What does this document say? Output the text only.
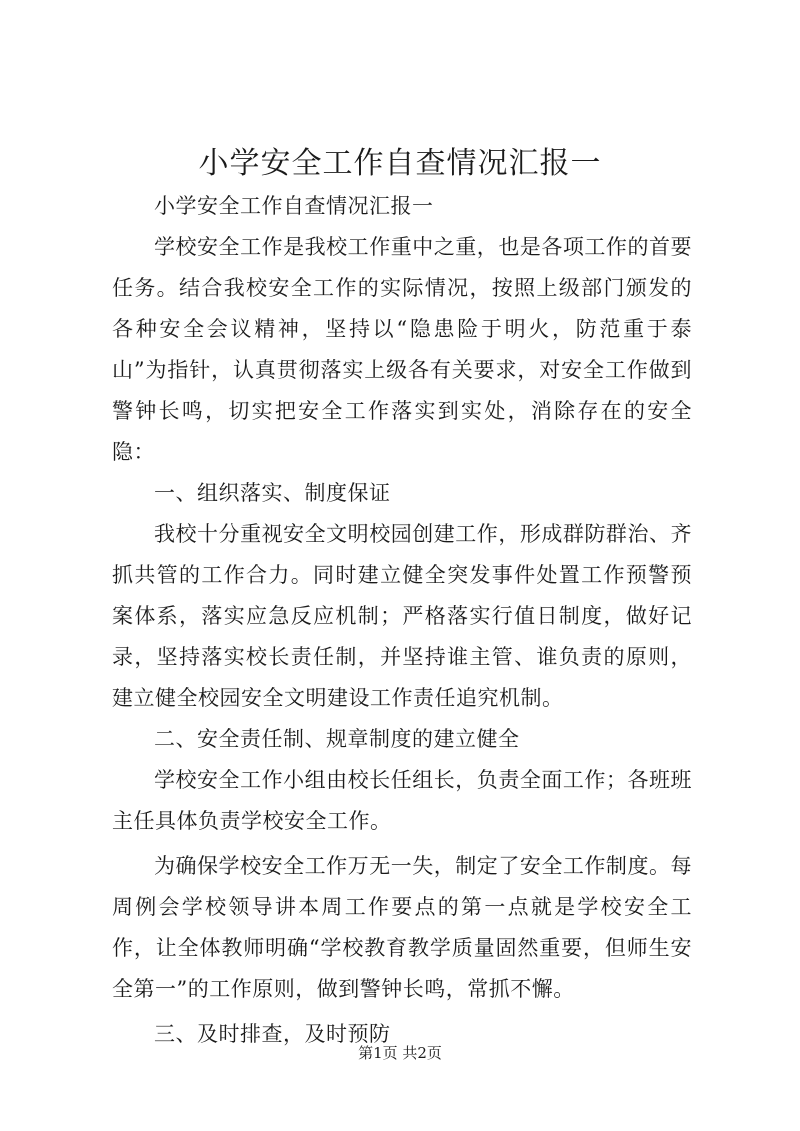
小学安全工作自查情况汇报一

小学安全工作自查情况汇报一

学校安全工作是我校工作重中之重，也是各项工作的首要任务。结合我校安全工作的实际情况，按照上级部门颁发的各种安全会议精神，坚持以“隐患险于明火，防范重于泰山”为指针，认真贯彻落实上级各有关要求，对安全工作做到警钟长鸣，切实把安全工作落实到实处，消除存在的安全隐：

一、组织落实、制度保证

我校十分重视安全文明校园创建工作，形成群防群治、齐抓共管的工作合力。同时建立健全突发事件处置工作预警预案体系，落实应急反应机制；严格落实行值日制度，做好记录，坚持落实校长责任制，并坚持谁主管、谁负责的原则，建立健全校园安全文明建设工作责任追究机制。

二、安全责任制、规章制度的建立健全

学校安全工作小组由校长任组长，负责全面工作；各班班主任具体负责学校安全工作。

为确保学校安全工作万无一失，制定了安全工作制度。每周例会学校领导讲本周工作要点的第一点就是学校安全工作，让全体教师明确“学校教育教学质量固然重要，但师生安全第一”的工作原则，做到警钟长鸣，常抓不懈。

三、及时排查，及时预防

第1页 共2页
